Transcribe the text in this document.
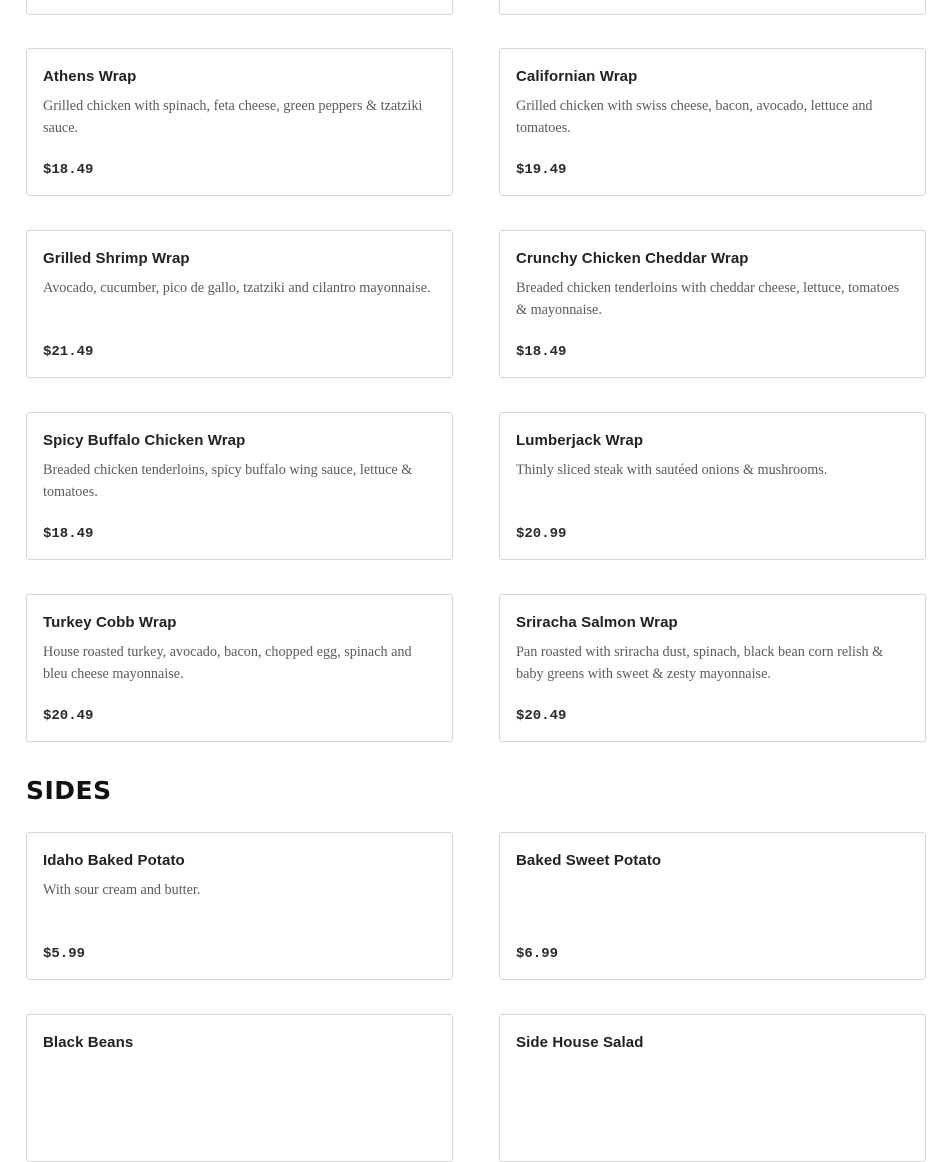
Athens Wrap
Grilled chicken with spinach, feta cheese, green peppers & tzatziki sauce.
$18.49
Californian Wrap
Grilled chicken with swiss cheese, bacon, avocado, lettuce and tomatoes.
$19.49
Grilled Shrimp Wrap
Avocado, cucumber, pico de gallo, tzatziki and cilantro mayonnaise.
$21.49
Crunchy Chicken Cheddar Wrap
Breaded chicken tenderloins with cheddar cheese, lettuce, tomatoes & mayonnaise.
$18.49
Spicy Buffalo Chicken Wrap
Breaded chicken tenderloins, spicy buffalo wing sauce, lettuce & tomatoes.
$18.49
Lumberjack Wrap
Thinly sliced steak with sautéed onions & mushrooms.
$20.99
Turkey Cobb Wrap
House roasted turkey, avocado, bacon, chopped egg, spinach and bleu cheese mayonnaise.
$20.49
Sriracha Salmon Wrap
Pan roasted with sriracha dust, spinach, black bean corn relish & baby greens with sweet & zesty mayonnaise.
$20.49
SIDES
Idaho Baked Potato
With sour cream and butter.
$5.99
Baked Sweet Potato
$6.99
Black Beans	Side House Salad
